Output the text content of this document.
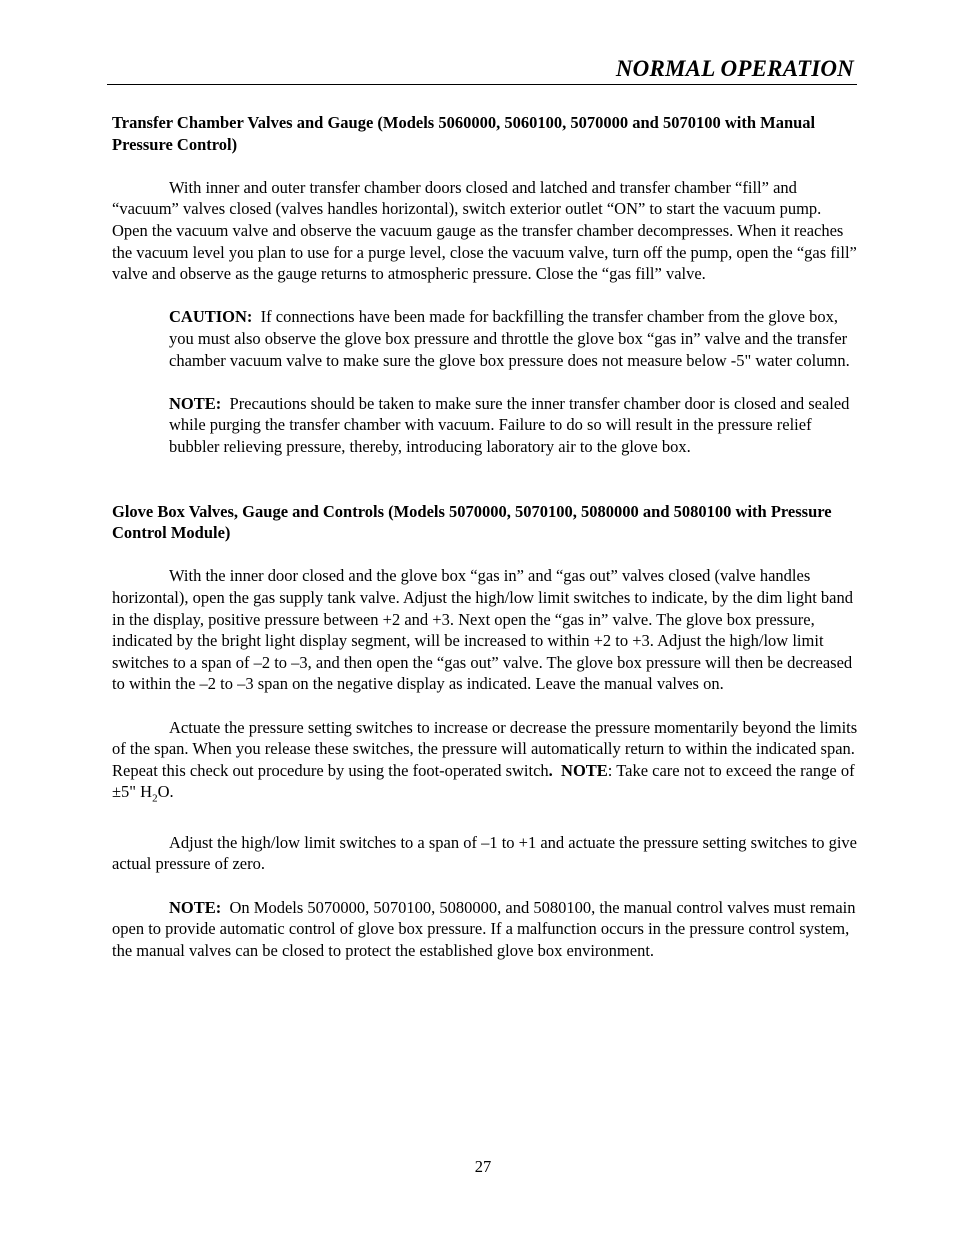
NORMAL OPERATION

Transfer Chamber Valves and Gauge (Models 5060000, 5060100, 5070000 and 5070100 with Manual Pressure Control)

With inner and outer transfer chamber doors closed and latched and transfer chamber “fill” and “vacuum” valves closed (valves handles horizontal), switch exterior outlet “ON” to start the vacuum pump. Open the vacuum valve and observe the vacuum gauge as the transfer chamber decompresses. When it reaches the vacuum level you plan to use for a purge level, close the vacuum valve, turn off the pump, open the “gas fill” valve and observe as the gauge returns to atmospheric pressure. Close the “gas fill” valve.

CAUTION: If connections have been made for backfilling the transfer chamber from the glove box, you must also observe the glove box pressure and throttle the glove box “gas in” valve and the transfer chamber vacuum valve to make sure the glove box pressure does not measure below -5" water column.

NOTE: Precautions should be taken to make sure the inner transfer chamber door is closed and sealed while purging the transfer chamber with vacuum. Failure to do so will result in the pressure relief bubbler relieving pressure, thereby, introducing laboratory air to the glove box.

Glove Box Valves, Gauge and Controls (Models 5070000, 5070100, 5080000 and 5080100 with Pressure Control Module)

With the inner door closed and the glove box “gas in” and “gas out” valves closed (valve handles horizontal), open the gas supply tank valve. Adjust the high/low limit switches to indicate, by the dim light band in the display, positive pressure between +2 and +3. Next open the “gas in” valve. The glove box pressure, indicated by the bright light display segment, will be increased to within +2 to +3. Adjust the high/low limit switches to a span of –2 to –3, and then open the “gas out” valve. The glove box pressure will then be decreased to within the –2 to –3 span on the negative display as indicated. Leave the manual valves on.

Actuate the pressure setting switches to increase or decrease the pressure momentarily beyond the limits of the span. When you release these switches, the pressure will automatically return to within the indicated span. Repeat this check out procedure by using the foot-operated switch. NOTE: Take care not to exceed the range of ±5" $H_2O$.

Adjust the high/low limit switches to a span of –1 to +1 and actuate the pressure setting switches to give actual pressure of zero.

NOTE: On Models 5070000, 5070100, 5080000, and 5080100, the manual control valves must remain open to provide automatic control of glove box pressure. If a malfunction occurs in the pressure control system, the manual valves can be closed to protect the established glove box environment.

27
